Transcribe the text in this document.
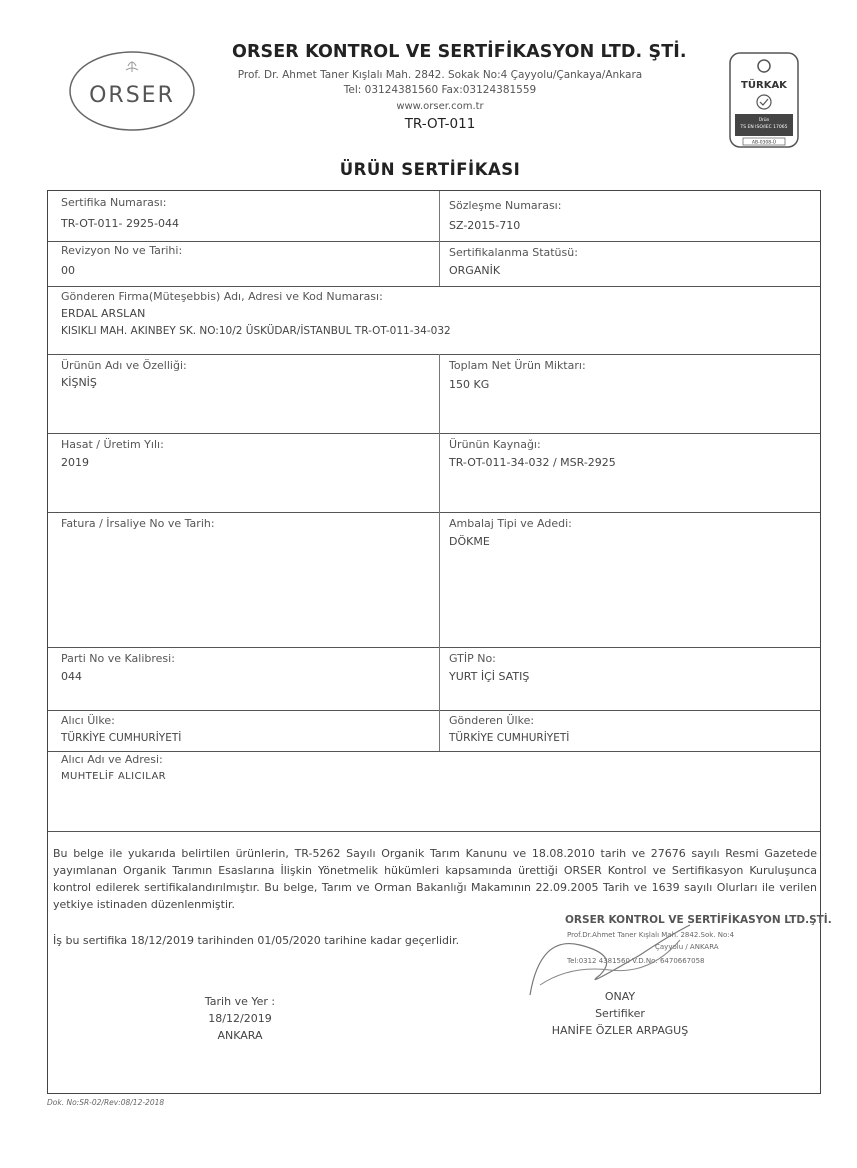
ORSER
ORSER KONTROL VE SERTİFİKASYON LTD. ŞTİ.
Prof. Dr. Ahmet Taner Kışlalı Mah. 2842. Sokak No:4 Çayyolu/Çankaya/Ankara
Tel: 03124381560 Fax:03124381559
www.orser.com.tr
TR-OT-011
TÜRKAK
Ürün
TS EN ISO/IEC 17065
AB-0308-Ü
ÜRÜN SERTİFİKASI
Sertifika Numarası:
TR-OT-011- 2925-044
Sözleşme Numarası:
SZ-2015-710
Revizyon No ve Tarihi:
00
Sertifikalanma Statüsü:
ORGANİK
Gönderen Firma(Müteşebbis) Adı, Adresi ve Kod Numarası:
ERDAL ARSLAN
KISIKLI MAH. AKINBEY SK. NO:10/2 ÜSKÜDAR/İSTANBUL TR-OT-011-34-032
Ürünün Adı ve Özelliği:
KİŞNİŞ
Toplam Net Ürün Miktarı:
150 KG
Hasat / Üretim Yılı:
2019
Ürünün Kaynağı:
TR-OT-011-34-032 / MSR-2925
Fatura / İrsaliye No ve Tarih:	Ambalaj Tipi ve Adedi:
DÖKME
Parti No ve Kalibresi:
044
GTİP No:
YURT İÇİ SATIŞ
Alıcı Ülke:
TÜRKİYE CUMHURİYETİ
Gönderen Ülke:
TÜRKİYE CUMHURİYETİ
Alıcı Adı ve Adresi:
MUHTELİF ALICILAR
Bu belge ile yukarıda belirtilen ürünlerin, TR-5262 Sayılı Organik Tarım Kanunu ve 18.08.2010 tarih ve 27676 sayılı Resmi Gazetede yayımlanan Organik Tarımın Esaslarına İlişkin Yönetmelik hükümleri kapsamında ürettiği ORSER Kontrol ve Sertifikasyon Kuruluşunca kontrol edilerek sertifikalandırılmıştır. Bu belge, Tarım ve Orman Bakanlığı Makamının 22.09.2005 Tarih ve 1639 sayılı Olurları ile verilen yetkiye istinaden düzenlenmiştir.
İş bu sertifika 18/12/2019 tarihinden 01/05/2020 tarihine kadar geçerlidir.
Tarih ve Yer :
18/12/2019
ANKARA
ORSER KONTROL VE SERTİFİKASYON LTD.ŞTİ.
Prof.Dr.Ahmet Taner Kışlalı Mah. 2842.Sok. No:4
Çayyolu / ANKARA
Tel:0312 4381560 V.D.No: 6470667058
ONAY
Sertifiker
HANİFE ÖZLER ARPAGUŞ
Dok. No:SR-02/Rev:08/12-2018
